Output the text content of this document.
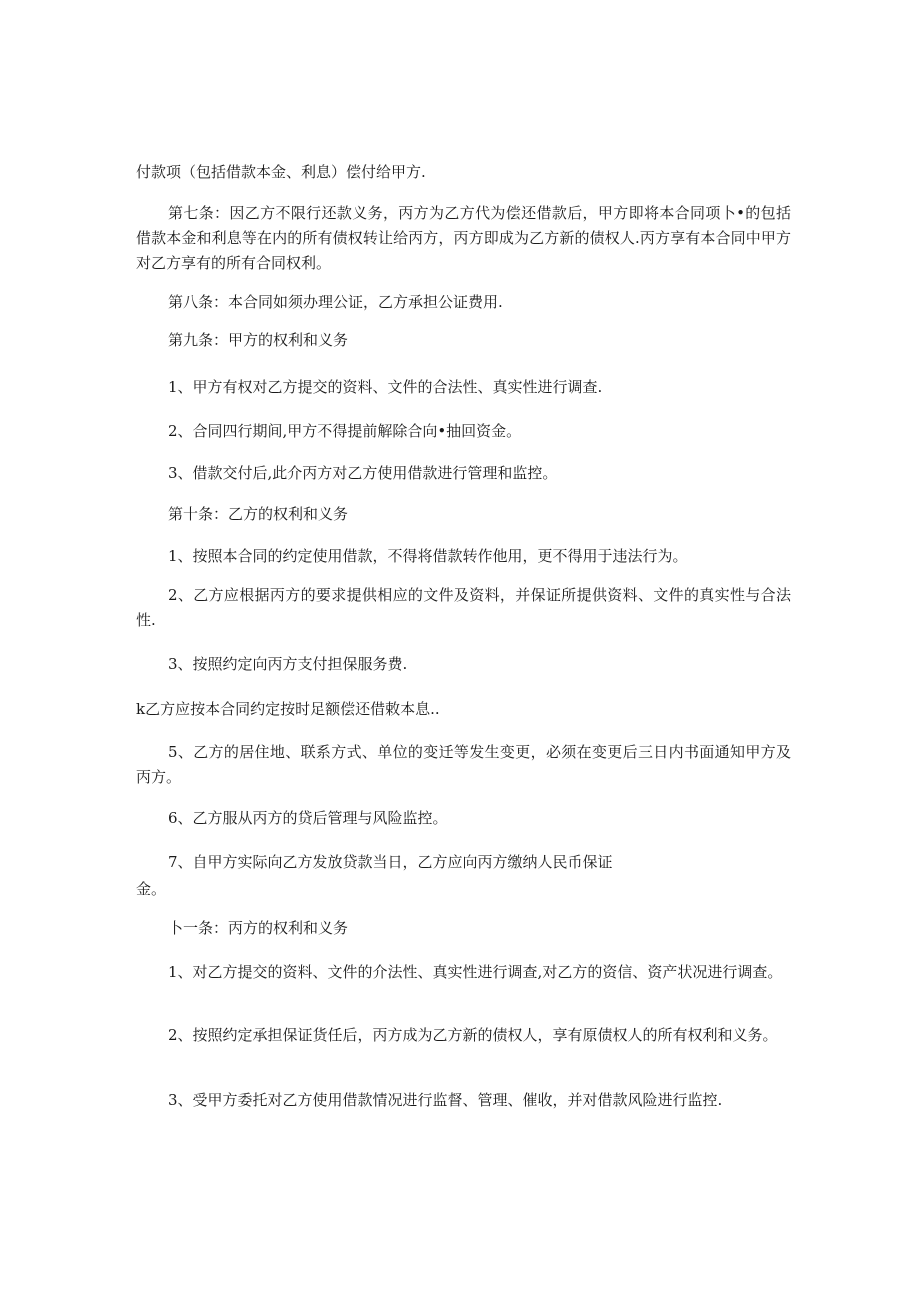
付款项（包括借款本金、利息）偿付给甲方.

第七条：因乙方不限行还款义务，丙方为乙方代为偿还借款后，甲方即将本合同项卜•的包括借款本金和利息等在内的所有债权转让给丙方，丙方即成为乙方新的债权人.丙方享有本合同中甲方对乙方享有的所有合同权利。

第八条：本合同如须办理公证，乙方承担公证费用.

第九条：甲方的权利和义务

1、甲方有权对乙方提交的资料、文件的合法性、真实性进行调查.

2、合同四行期间,甲方不得提前解除合向•抽回资金。

3、借款交付后,此介丙方对乙方使用借款进行管理和监控。

第十条：乙方的权利和义务

1、按照本合同的约定使用借款，不得将借款转作他用，更不得用于违法行为。

2、乙方应根据丙方的要求提供相应的文件及资料，并保证所提供资料、文件的真实性与合法性.

3、按照约定向丙方支付担保服务费.

k乙方应按本合同约定按时足额偿还借敕本息..

5、乙方的居住地、联系方式、单位的变迁等发生变更，必须在变更后三日内书面通知甲方及丙方。

6、乙方服从丙方的贷后管理与风险监控。

7、自甲方实际向乙方发放贷款当日，乙方应向丙方缴纳人民币保证

金。

卜一条：丙方的权利和义务

1、对乙方提交的资料、文件的介法性、真实性进行调查,对乙方的资信、资产状况进行调查。

2、按照约定承担保证货任后，丙方成为乙方新的债权人，享有原债权人的所有权利和义务。

3、受甲方委托对乙方使用借款情况进行监督、管理、催收，并对借款风险进行监控.
